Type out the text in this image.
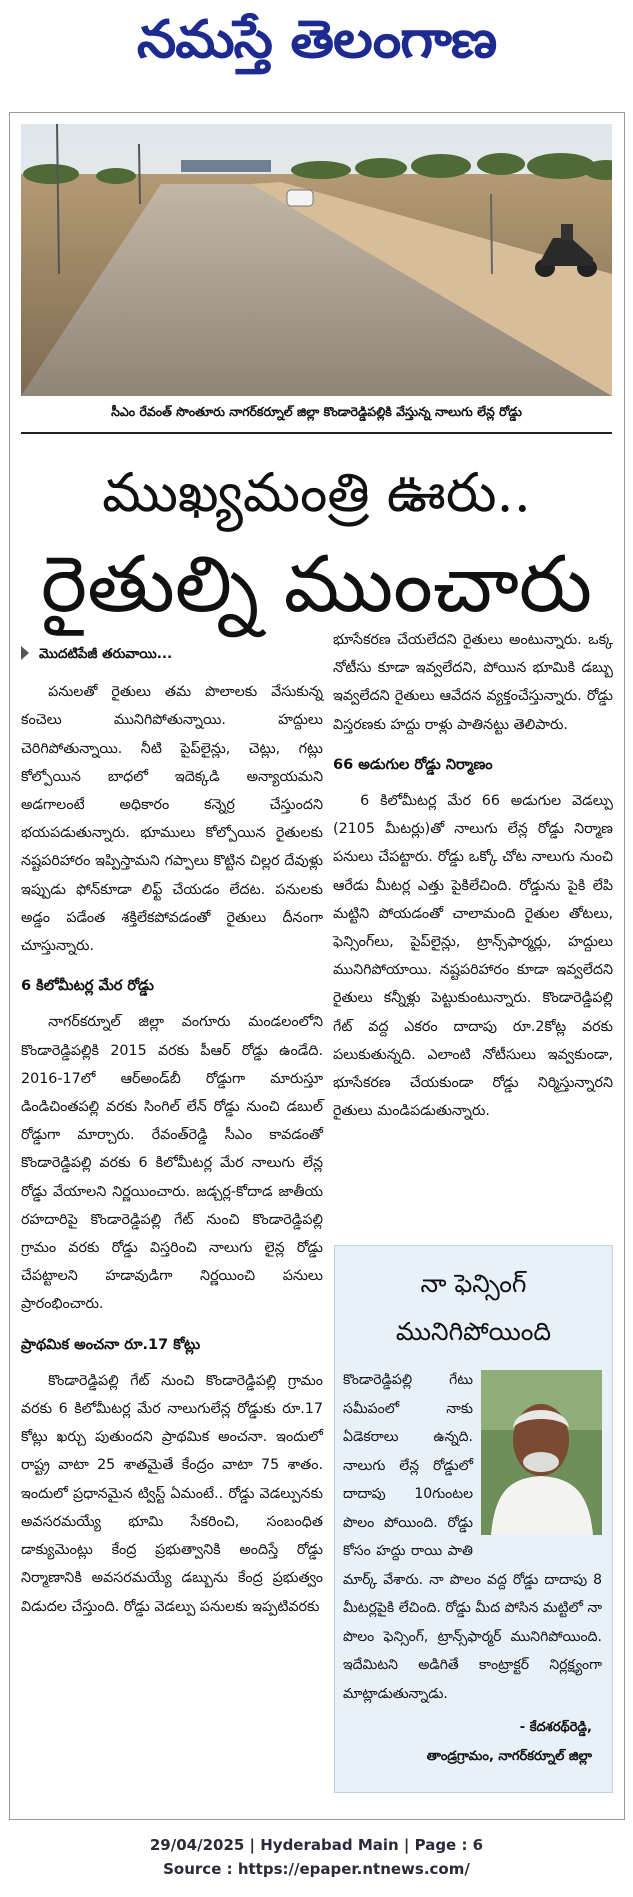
నమస్తే తెలంగాణ
సీఎం రేవంత్ సొంతూరు నాగర్‌కర్నూల్ జిల్లా కొండారెడ్డిపల్లికి వేస్తున్న నాలుగు లేన్ల రోడ్డు
ముఖ్యమంత్రి ఊరు..
రైతుల్ని ముంచారు
మొదటిపేజీ తరువాయి...

పనులతో రైతులు తమ పొలాలకు వేసుకున్న కంచెలు మునిగిపోతున్నాయి. హద్దులు చెరిగిపోతున్నాయి. నీటి పైప్‌లైన్లు, చెట్లు, గట్లు కోల్పోయిన బాధలో ఇదెక్కడి అన్యాయమని అడగాలంటే అధికారం కన్నెర్ర చేస్తుందని భయపడుతున్నారు. భూములు కోల్పోయిన రైతులకు నష్టపరిహారం ఇప్పిస్తామని గప్పాలు కొట్టిన చిల్లర దేవుళ్లు ఇప్పుడు ఫోన్‌కూడా లిఫ్ట్ చేయడం లేదట. పనులకు అడ్డం పడేంత శక్తిలేకపోవడంతో రైతులు దీనంగా చూస్తున్నారు.

6 కిలోమీటర్ల మేర రోడ్డు

నాగర్‌కర్నూల్ జిల్లా వంగూరు మండలంలోని కొండారెడ్డిపల్లికి 2015 వరకు పీఆర్ రోడ్డు ఉండేది. 2016-17లో ఆర్‌అండ్‌బీ రోడ్డుగా మారుస్తూ డిండిచింతపల్లి వరకు సింగిల్ లేన్ రోడ్డు నుంచి డబుల్ రోడ్డుగా మార్చారు. రేవంత్‌రెడ్డి సీఎం కావడంతో కొండారెడ్డిపల్లి వరకు 6 కిలోమీటర్ల మేర నాలుగు లేన్ల రోడ్డు వేయాలని నిర్ణయించారు. జడ్చర్ల-కోదాడ జాతీయ రహదారిపై కొండారెడ్డిపల్లి గేట్ నుంచి కొండారెడ్డిపల్లి గ్రామం వరకు రోడ్డు విస్తరించి నాలుగు లైన్ల రోడ్డు చేపట్టాలని హడావుడిగా నిర్ణయించి పనులు ప్రారంభించారు.

ప్రాథమిక అంచనా రూ.17 కోట్లు

కొండారెడ్డిపల్లి గేట్ నుంచి కొండారెడ్డిపల్లి గ్రామం వరకు 6 కిలోమీటర్ల మేర నాలుగులేన్ల రోడ్డుకు రూ.17 కోట్లు ఖర్చు పుతుందని ప్రాథమిక అంచనా. ఇందులో రాష్ట్ర వాటా 25 శాతమైతే కేంద్రం వాటా 75 శాతం. ఇందులో ప్రధానమైన ట్విస్ట్ ఏమంటే.. రోడ్డు వెడల్పునకు అవసరమయ్యే భూమి సేకరించి, సంబంధిత డాక్యుమెంట్లు కేంద్ర ప్రభుత్వానికి అందిస్తే రోడ్డు నిర్మాణానికి అవసరమయ్యే డబ్బును కేంద్ర ప్రభుత్వం విడుదల చేస్తుంది. రోడ్డు వెడల్పు పనులకు ఇప్పటివరకు

భూసేకరణ చేయలేదని రైతులు అంటున్నారు. ఒక్క నోటీసు కూడా ఇవ్వలేదని, పోయిన భూమికి డబ్బు ఇవ్వలేదని రైతులు ఆవేదన వ్యక్తంచేస్తున్నారు. రోడ్డు విస్తరణకు హద్దు రాళ్లు పాతినట్టు తెలిపారు.

66 అడుగుల రోడ్డు నిర్మాణం

6 కిలోమీటర్ల మేర 66 అడుగుల వెడల్పు (2105 మీటర్లు)తో నాలుగు లేన్ల రోడ్డు నిర్మాణ పనులు చేపట్టారు. రోడ్డు ఒక్కో చోట నాలుగు నుంచి ఆరేడు మీటర్ల ఎత్తు పైకిలేచింది. రోడ్డును పైకి లేపి మట్టిని పోయడంతో చాలామంది రైతుల తోటలు, ఫెన్సింగ్‌లు, పైప్‌లైన్లు, ట్రాన్స్‌ఫార్మర్లు, హద్దులు మునిగిపోయాయి. నష్టపరిహారం కూడా ఇవ్వలేదని రైతులు కన్నీళ్లు పెట్టుకుంటున్నారు. కొండారెడ్డిపల్లి గేట్ వద్ద ఎకరం దాదాపు రూ.2కోట్ల వరకు పలుకుతున్నది. ఎలాంటి నోటీసులు ఇవ్వకుండా, భూసేకరణ చేయకుండా రోడ్డు నిర్మిస్తున్నారని రైతులు మండిపడుతున్నారు.

నా ఫెన్సింగ్
మునిగిపోయింది
కొండారెడ్డిపల్లి గేటు సమీపంలో నాకు ఏడెకరాలు ఉన్నది. నాలుగు లేన్ల రోడ్డులో దాదాపు 10గుంటల పొలం పోయింది. రోడ్డు కోసం హద్దు రాయి పాతి మార్క్ వేశారు. నా పొలం వద్ద రోడ్డు దాదాపు 8 మీటర్లపైకి లేచింది. రోడ్డు మీద పోసిన మట్టిలో నా పొలం ఫెన్సింగ్, ట్రాన్స్‌ఫార్మర్ మునిగిపోయింది. ఇదేమిటని అడిగితే కాంట్రాక్టర్ నిర్లక్ష్యంగా మాట్లాడుతున్నాడు.
- కేదశరథ్‌రెడ్డి,
తాండ్రగ్రామం, నాగర్‌కర్నూల్ జిల్లా
29/04/2025 | Hyderabad Main | Page : 6
Source : https://epaper.ntnews.com/
